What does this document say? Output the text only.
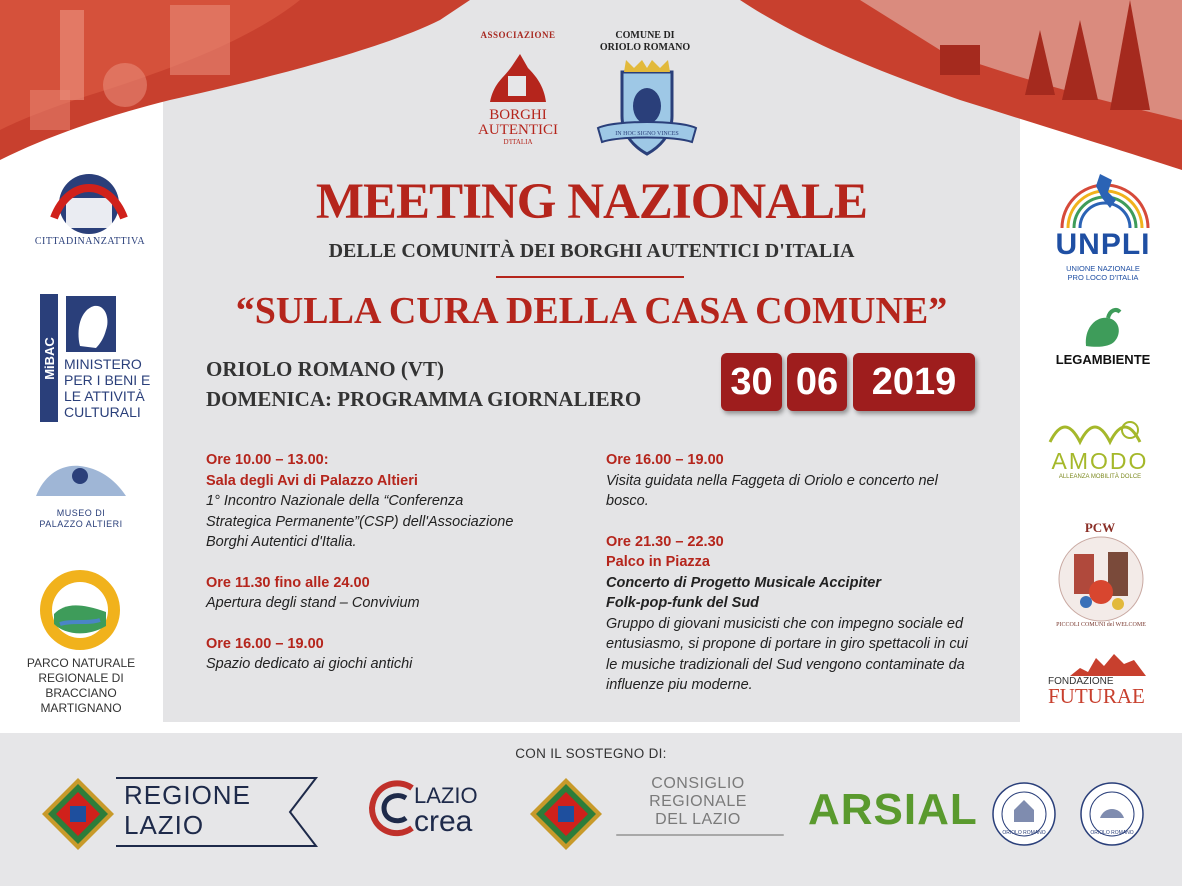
ASSOCIAZIONE
BORGHI
AUTENTICI
D'ITALIA
COMUNE DI
ORIOLO ROMANO
IN HOC SIGNO VINCES
MEETING NAZIONALE
DELLE COMUNITÀ DEI BORGHI AUTENTICI D'ITALIA
“SULLA CURA DELLA CASA COMUNE”
ORIOLO ROMANO (VT)
DOMENICA: PROGRAMMA GIORNALIERO 30 06 2019
Ore 10.00 – 13.00:
Sala degli Avi di Palazzo Altieri
1° Incontro Nazionale della “Conferenza
Strategica Permanente”(CSP) dell'Associazione
Borghi Autentici d'Italia.
Ore 11.30 fino alle 24.00
Apertura degli stand – Convivium
Ore 16.00 – 19.00
Spazio dedicato ai giochi antichi
Ore 16.00 – 19.00
Visita guidata nella Faggeta di Oriolo e concerto nel
bosco.
Ore 21.30 – 22.30
Palco in Piazza
Concerto di Progetto Musicale Accipiter
Folk-pop-funk del Sud
Gruppo di giovani musicisti che con impegno sociale ed
entusiasmo, si propone di portare in giro spettacoli in cui
le musiche tradizionali del Sud vengono contaminate da
influenze piu moderne.
CITTADINANZATTIVA
MiBAC MINISTERO
PER I BENI E
LE ATTIVITÀ
CULTURALI
MUSEO DI
PALAZZO ALTIERI
PARCO NATURALE
REGIONALE DI
BRACCIANO
MARTIGNANO
UNPLI
UNIONE NAZIONALE
PRO LOCO D'ITALIA
LEGAMBIENTE
AMODO
ALLEANZA MOBILITÀ DOLCE
PCW
PICCOLI COMUNI del WELCOME
FONDAZIONE
FUTURAE
CON IL SOSTEGNO DI:
REGIONE
LAZIO
LAZIO
crea
CONSIGLIO
REGIONALE
DEL LAZIO	ARSIAL	ORIOLO ROMANO	ORIOLO ROMANO
